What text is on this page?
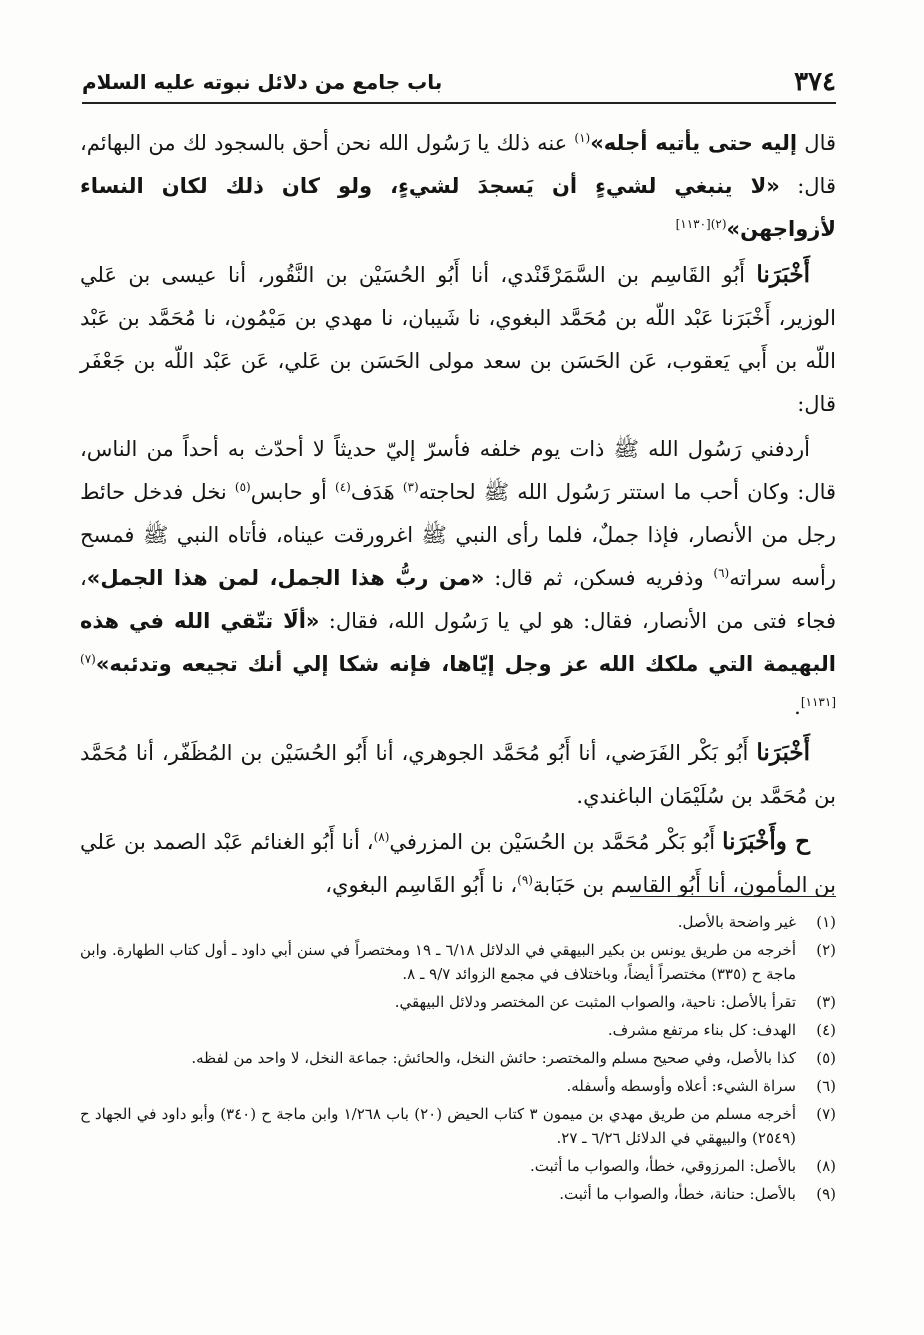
٣٧٤
باب جامع من دلائل نبوته عليه السلام

قال إليه حتى يأتيه أجله»$^{(١)}$ عنه ذلك يا رَسُول الله نحن أحق بالسجود لك من البهائم، قال: «لا ينبغي لشيءٍ أن يَسجدَ لشيءٍ، ولو كان ذلك لكان النساء لأزواجهن»$^{(٢)[١١٣٠]}$

أَخْبَرَنا أَبُو القَاسِم بن السَّمَرْقَنْدي، أنا أَبُو الحُسَيْن بن النَّقُور، أنا عيسى بن عَلي الوزير، أَخْبَرَنا عَبْد اللّه بن مُحَمَّد البغوي، نا شَيبان، نا مهدي بن مَيْمُون، نا مُحَمَّد بن عَبْد اللّه بن أَبي يَعقوب، عَن الحَسَن بن سعد مولى الحَسَن بن عَلي، عَن عَبْد اللّه بن جَعْفَر قال:

أردفني رَسُول الله ﷺ ذات يوم خلفه فأسرّ إليّ حديثاً لا أحدّث به أحداً من الناس، قال: وكان أحب ما استتر رَسُول الله ﷺ لحاجته$^{(٣)}$ هَدَف$^{(٤)}$ أو حابس$^{(٥)}$ نخل فدخل حائط رجل من الأنصار، فإذا جملٌ، فلما رأى النبي ﷺ اغرورقت عيناه، فأتاه النبي ﷺ فمسح رأسه سراته$^{(٦)}$ وذفريه فسكن، ثم قال: «من ربُّ هذا الجمل، لمن هذا الجمل»، فجاء فتى من الأنصار، فقال: هو لي يا رَسُول الله، فقال: «ألَا تتّقي الله في هذه البهيمة التي ملكك الله عز وجل إيّاها، فإنه شكا إلي أنك تجيعه وتدئبه»$^{(٧)[١١٣١]}$.

أَخْبَرَنا أَبُو بَكْر الفَرَضي، أنا أَبُو مُحَمَّد الجوهري، أنا أَبُو الحُسَيْن بن المُظَفّر، أنا مُحَمَّد بن مُحَمَّد بن سُلَيْمَان الباغندي.

ح وأَخْبَرَنا أَبُو بَكْر مُحَمَّد بن الحُسَيْن بن المزرفي$^{(٨)}$، أنا أَبُو الغنائم عَبْد الصمد بن عَلي بن المأمون، أنا أَبُو القاسم بن حَبَابة$^{(٩)}$، نا أَبُو القَاسِم البغوي،

(١)
غير واضحة بالأصل.
(٢)
أخرجه من طريق يونس بن بكير البيهقي في الدلائل ٦/١٨ ـ ١٩ ومختصراً في سنن أبي داود ـ أول كتاب الطهارة. وابن ماجة ح (٣٣٥) مختصراً أيضاً، وباختلاف في مجمع الزوائد ٩/٧ ـ ٨.
(٣)
تقرأ بالأصل: ناحية، والصواب المثبت عن المختصر ودلائل البيهقي.
(٤)
الهدف: كل بناء مرتفع مشرف.
(٥)
كذا بالأصل، وفي صحيح مسلم والمختصر: حائش النخل، والحائش: جماعة النخل، لا واحد من لفظه.
(٦)
سراة الشيء: أعلاه وأوسطه وأسفله.
(٧)
أخرجه مسلم من طريق مهدي بن ميمون ٣ كتاب الحيض (٢٠) باب ١/٢٦٨ وابن ماجة ح (٣٤٠) وأبو داود في الجهاد ح (٢٥٤٩) والبيهقي في الدلائل ٦/٢٦ ـ ٢٧.
(٨)
بالأصل: المرزوقي، خطأ، والصواب ما أثبت.
(٩)
بالأصل: حنانة، خطأ، والصواب ما أثبت.
